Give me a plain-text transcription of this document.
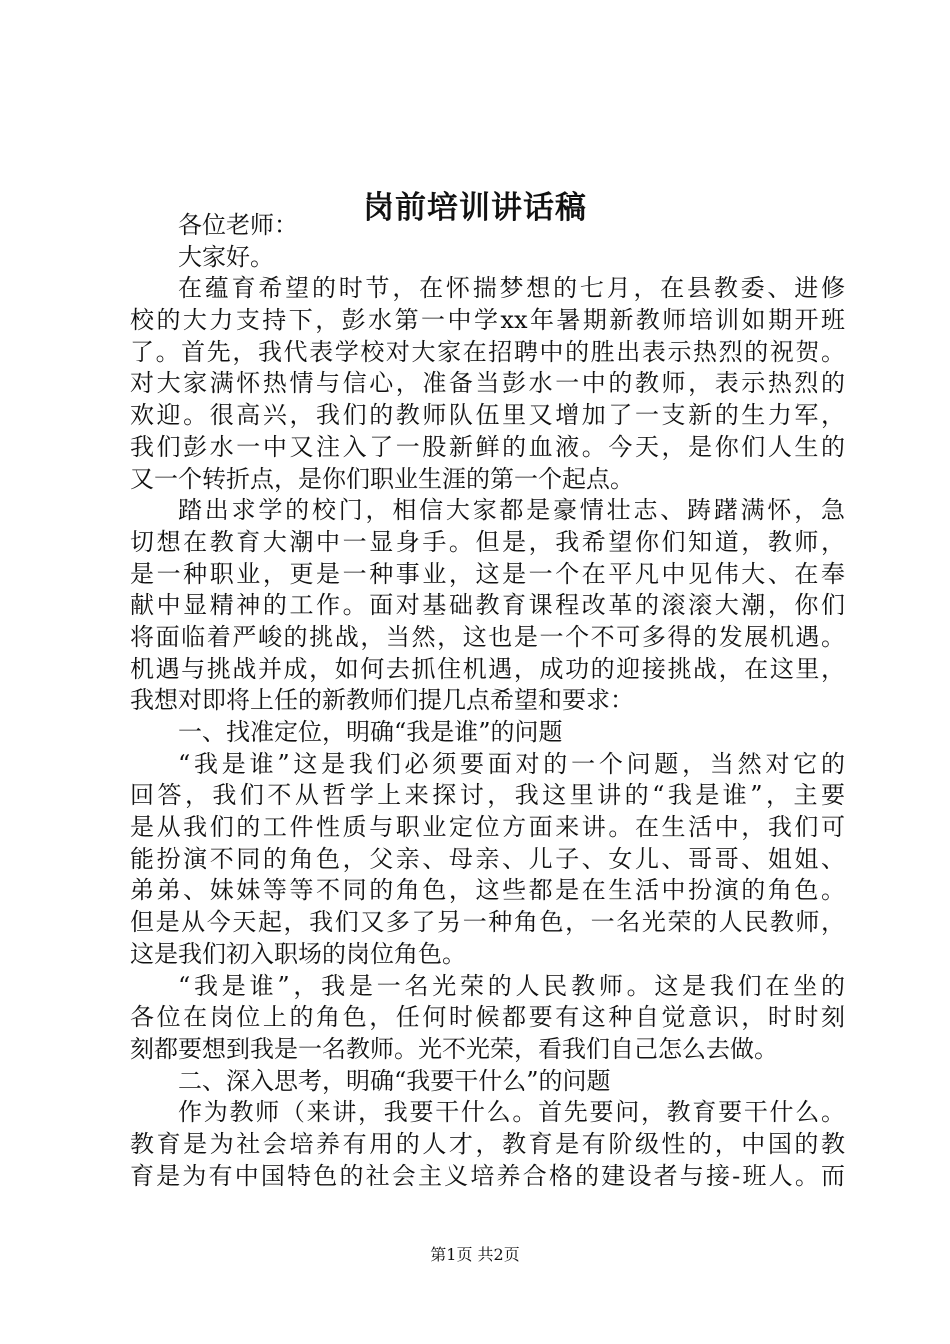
岗前培训讲话稿
各位老师：
大家好。
在蕴育希望的时节，在怀揣梦想的七月，在县教委、进修
校的大力支持下，彭水第一中学xx年暑期新教师培训如期开班
了。首先，我代表学校对大家在招聘中的胜出表示热烈的祝贺。
对大家满怀热情与信心，准备当彭水一中的教师，表示热烈的
欢迎。很高兴，我们的教师队伍里又增加了一支新的生力军，
我们彭水一中又注入了一股新鲜的血液。今天，是你们人生的
又一个转折点，是你们职业生涯的第一个起点。
踏出求学的校门，相信大家都是豪情壮志、踌躇满怀，急
切想在教育大潮中一显身手。但是，我希望你们知道，教师，
是一种职业，更是一种事业，这是一个在平凡中见伟大、在奉
献中显精神的工作。面对基础教育课程改革的滚滚大潮，你们
将面临着严峻的挑战，当然，这也是一个不可多得的发展机遇。
机遇与挑战并成，如何去抓住机遇，成功的迎接挑战，在这里，
我想对即将上任的新教师们提几点希望和要求：
一、找准定位，明确“我是谁”的问题
“我是谁”这是我们必须要面对的一个问题，当然对它的
回答，我们不从哲学上来探讨，我这里讲的“我是谁”，主要
是从我们的工件性质与职业定位方面来讲。在生活中，我们可
能扮演不同的角色，父亲、母亲、儿子、女儿、哥哥、姐姐、
弟弟、妹妹等等不同的角色，这些都是在生活中扮演的角色。
但是从今天起，我们又多了另一种角色，一名光荣的人民教师，
这是我们初入职场的岗位角色。
“我是谁”，我是一名光荣的人民教师。这是我们在坐的
各位在岗位上的角色，任何时候都要有这种自觉意识，时时刻
刻都要想到我是一名教师。光不光荣，看我们自己怎么去做。
二、深入思考，明确“我要干什么”的问题
作为教师（来讲，我要干什么。首先要问，教育要干什么。
教育是为社会培养有用的人才，教育是有阶级性的，中国的教
育是为有中国特色的社会主义培养合格的建设者与接-班人。而
第1页 共2页
